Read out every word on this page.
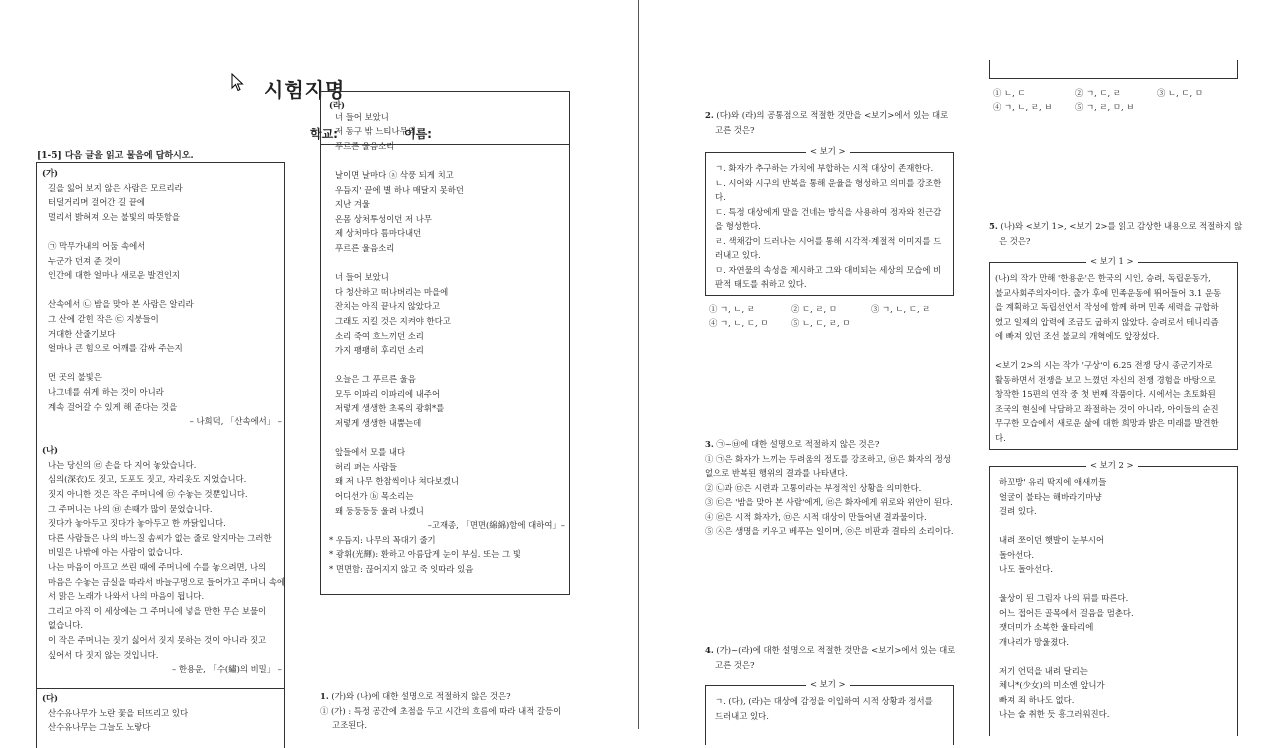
시험지명
학교:	이름:
[1-5] 다음 글을 읽고 물음에 답하시오.
(가)
길을 잃어 보지 않은 사람은 모르리라
터덜거리며 걸어간 길 끝에
멀리서 밝혀져 오는 불빛의 따뜻함을

㉠ 막무가내의 어둠 속에서
누군가 던져 준 것이
인간에 대한 얼마나 새로운 발견인지

산속에서 ㉡ 밤을 맞아 본 사람은 알리라
그 산에 갇힌 작은 ㉢ 지붕들이
거대한 산줄기보다
얼마나 큰 힘으로 어깨를 감싸 주는지

먼 곳의 불빛은
나그네를 쉬게 하는 것이 아니라
계속 걸어갈 수 있게 해 준다는 것을
– 나희덕, 「산속에서」 –

(나)
나는 당신의 ㉣ 손을 다 지어 놓았습니다.
심의(深衣)도 짓고, 도포도 짓고, 자리옷도 지었습니다.
짓지 아니한 것은 작은 주머니에 ㉤ 수놓는 것뿐입니다.
그 주머니는 나의 ㉥ 손때가 많이 묻었습니다.
짓다가 놓아두고 짓다가 놓아두고 한 까닭입니다.
다른 사람들은 나의 바느질 솜씨가 없는 줄로 알지마는 그러한
비밀은 나밖에 아는 사람이 없습니다.
나는 마음이 아프고 쓰린 때에 주머니에 수를 놓으려면, 나의
마음은 수놓는 금실을 따라서 바늘구멍으로 들어가고 주머니 속에
서 맑은 노래가 나와서 나의 마음이 됩니다.
그리고 아직 이 세상에는 그 주머니에 넣을 만한 무슨 보물이
없습니다.
이 작은 주머니는 짓기 싫어서 짓지 못하는 것이 아니라 짓고
싶어서 다 짓지 않는 것입니다.
– 한용운, 「수(繡)의 비밀」 –
(다)
산수유나무가 노란 꽃을 터뜨리고 있다
산수유나무는 그늘도 노랗다
(라)
너 들어 보았니
저 동구 밖 느티나무의
푸르른 울음소리

날이면 날마다 ⓐ 삭풍 되게 치고
우듬지' 끝에 별 하나 매달지 못하던
지난 겨울
온몸 상처투성이던 저 나무
제 상처마다 틈마다내던
푸르른 울음소리

너 들어 보았니
다 청산하고 떠나버리는 마을에
잔치는 아직 끝나지 않았다고
그래도 지킬 것은 지켜야 한다고
소리 죽여 흐느끼던 소리
가지 팽팽히 후리던 소리

오늘은 그 푸르른 울음
모두 이파리 이파리에 내주어
저렇게 생생한 초록의 광휘*를
저렇게 생생한 내뿜는데

앞들에서 모를 내다
허리 펴는 사람들
왜 저 나무 한참씩이나 쳐다보겠니
어디선가 ⓑ 목소리는
왜 둥둥둥둥 울려 나겠니
–고재종, 「면면(綿綿)함에 대하여」–
* 우듬지: 나무의 꼭대기 줄기
* 광휘(光輝): 환하고 아름답게 눈이 부심. 또는 그 빛
* 면면함: 끊어지지 않고 죽 잇따라 있음
1. (가)와 (나)에 대한 설명으로 적절하지 않은 것은?
① (가) : 특정 공간에 초점을 두고 시간의 흐름에 따라 내적 갈등이
고조된다.
2. (다)와 (라)의 공통점으로 적절한 것만을 <보기>에서 있는 대로
고른 것은?
< 보기 >
ㄱ. 화자가 추구하는 가치에 부합하는 시적 대상이 존재한다.
ㄴ. 시어와 시구의 반복을 통해 운율을 형성하고 의미를 강조한
다.
ㄷ. 특정 대상에게 말을 건네는 방식을 사용하여 정자와 친근감
을 형성한다.
ㄹ. 색채감이 드러나는 시어를 통해 시각적·계절적 이미지를 드
러내고 있다.
ㅁ. 자연물의 속성을 제시하고 그와 대비되는 세상의 모습에 비
판적 태도를 취하고 있다.
① ㄱ, ㄴ, ㄹ	② ㄷ, ㄹ, ㅁ	③ ㄱ, ㄴ, ㄷ, ㄹ
④ ㄱ, ㄴ, ㄷ, ㅁ	⑤ ㄴ, ㄷ, ㄹ, ㅁ
3. ㉠~㉥에 대한 설명으로 적절하지 않은 것은?
① ㉠은 화자가 느끼는 두려움의 정도를 강조하고, ㉥은 화자의 정성
없으로 반복된 행위의 결과를 나타낸다.
② ㉡과 ㉤은 시련과 고통이라는 부정적인 상황을 의미한다.
③ ㉢은 '밤을 맞아 본 사람'에게, ㉣은 화자에게 위로와 위안이 된다.
④ ㉣은 시적 화자가, ㉤은 시적 대상이 만들어낸 결과물이다.
⑤ ㉦은 생명을 키우고 베푸는 일이며, ㉧은 비판과 결타의 소리이다.
4. (가)~(라)에 대한 설명으로 적절한 것만을 <보기>에서 있는 대로
고른 것은?
< 보기 >
ㄱ. (다), (라)는 대상에 감정을 이입하여 시적 상황과 정서를
드러내고 있다.
① ㄴ, ㄷ	② ㄱ, ㄷ, ㄹ	③ ㄴ, ㄷ, ㅁ
④ ㄱ, ㄴ, ㄹ, ㅂ	⑤ ㄱ, ㄹ, ㅁ, ㅂ
5. (나)와 <보기 1>, <보기 2>를 읽고 감상한 내용으로 적절하지 않
은 것은?
< 보기 1 >
(나)의 작가 만해 '한용운'은 한국의 시인, 승려, 독립운동가,
불교사회주의자이다. 출가 후에 민족운동에 뛰어들어 3.1 운동
을 계획하고 독립선언서 작성에 함께 하며 민족 세력을 규합하
였고 일제의 압력에 조금도 굽하지 않았다. 승려로서 테니리즘
에 빠져 있던 조선 불교의 개혁에도 앞장섰다.

<보기 2>의 시는 작가 '구상'이 6.25 전쟁 당시 종군기자로
활동하면서 전쟁을 보고 느꼈던 자신의 전쟁 경험을 바탕으로
창작한 15편의 연작 중 첫 번째 작품이다. 시에서는 초토화된
조국의 현실에 낙담하고 좌절하는 것이 아니라, 아이들의 순진
무구한 모습에서 새로운 삶에 대한 희망과 밝은 미래를 발견한
다.
< 보기 2 >
하꼬방' 유리 딱지에 애새끼들
얼굴이 불타는 해바라기마냥
걸려 있다.

내려 쪼이던 햇발이 눈부시어
돌아선다.
나도 돌아선다.

울상이 된 그림자 나의 뒤를 따른다.
어느 접어든 골목에서 걸음을 멈춘다.
잿더미가 소복한 울타리에
개나리가 망울졌다.

저기 언덕을 내려 달리는
체니*(少女)의 미소엔 앞니가
빠져 죄 하나도 없다.
나는 술 취한 듯 흥그러워진다.
